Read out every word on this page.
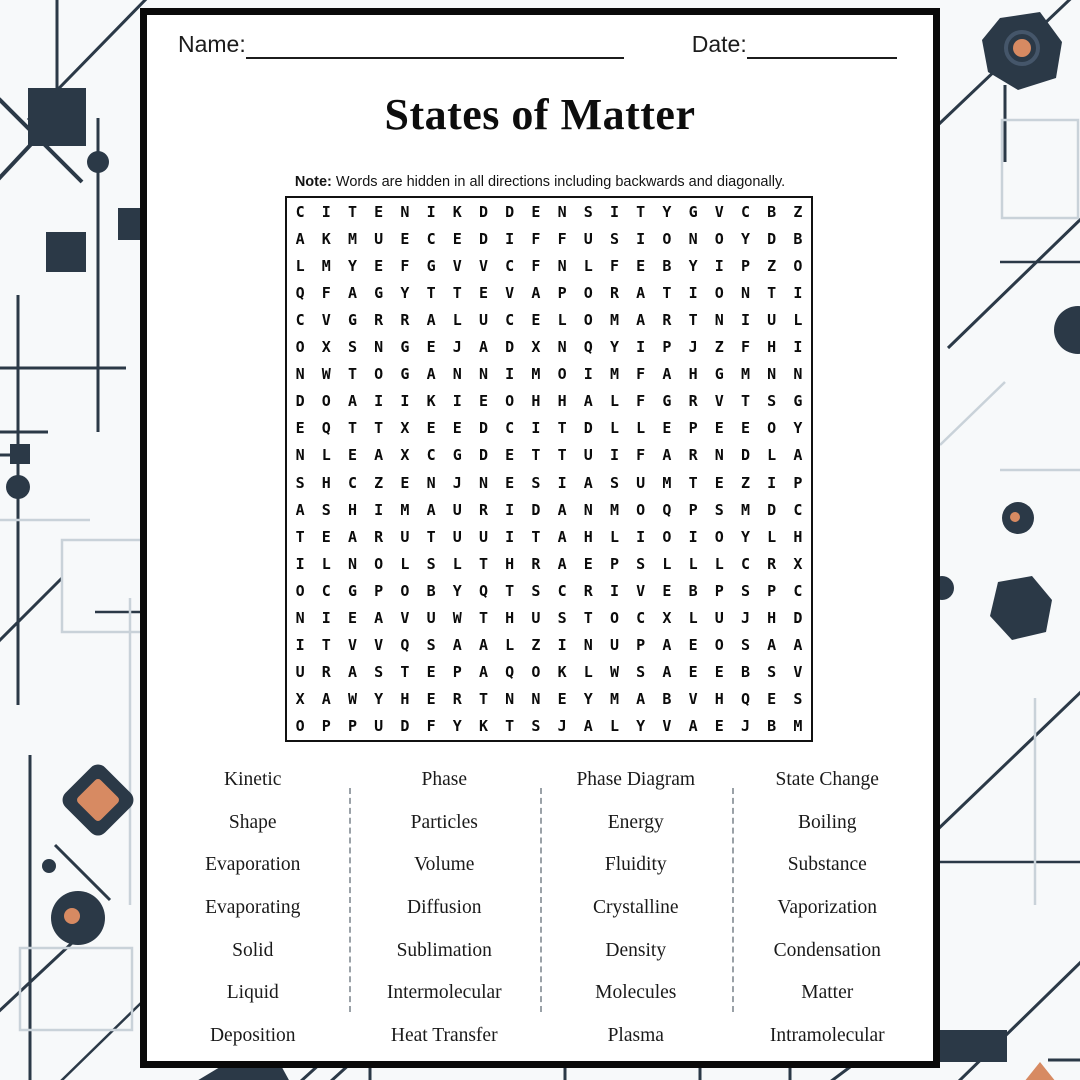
Name:	Date:
States of Matter
Note: Words are hidden in all directions including backwards and diagonally.
C	I	T	E	N	I	K	D	D	E	N	S	I	T	Y	G	V	C	B	Z
A	K	M	U	E	C	E	D	I	F	F	U	S	I	O	N	O	Y	D	B
L	M	Y	E	F	G	V	V	C	F	N	L	F	E	B	Y	I	P	Z	O
Q	F	A	G	Y	T	T	E	V	A	P	O	R	A	T	I	O	N	T	I
C	V	G	R	R	A	L	U	C	E	L	O	M	A	R	T	N	I	U	L
O	X	S	N	G	E	J	A	D	X	N	Q	Y	I	P	J	Z	F	H	I
N	W	T	O	G	A	N	N	I	M	O	I	M	F	A	H	G	M	N	N
D	O	A	I	I	K	I	E	O	H	H	A	L	F	G	R	V	T	S	G
E	Q	T	T	X	E	E	D	C	I	T	D	L	L	E	P	E	E	O	Y
N	L	E	A	X	C	G	D	E	T	T	U	I	F	A	R	N	D	L	A
S	H	C	Z	E	N	J	N	E	S	I	A	S	U	M	T	E	Z	I	P
A	S	H	I	M	A	U	R	I	D	A	N	M	O	Q	P	S	M	D	C
T	E	A	R	U	T	U	U	I	T	A	H	L	I	O	I	O	Y	L	H
I	L	N	O	L	S	L	T	H	R	A	E	P	S	L	L	L	C	R	X
O	C	G	P	O	B	Y	Q	T	S	C	R	I	V	E	B	P	S	P	C
N	I	E	A	V	U	W	T	H	U	S	T	O	C	X	L	U	J	H	D
I	T	V	V	Q	S	A	A	L	Z	I	N	U	P	A	E	O	S	A	A
U	R	A	S	T	E	P	A	Q	O	K	L	W	S	A	E	E	B	S	V
X	A	W	Y	H	E	R	T	N	N	E	Y	M	A	B	V	H	Q	E	S
O	P	P	U	D	F	Y	K	T	S	J	A	L	Y	V	A	E	J	B	M
Kinetic
Shape
Evaporation
Evaporating
Solid
Liquid
Deposition
Phase
Particles
Volume
Diffusion
Sublimation
Intermolecular
Heat Transfer
Phase Diagram
Energy
Fluidity
Crystalline
Density
Molecules
Plasma
State Change
Boiling
Substance
Vaporization
Condensation
Matter
Intramolecular
